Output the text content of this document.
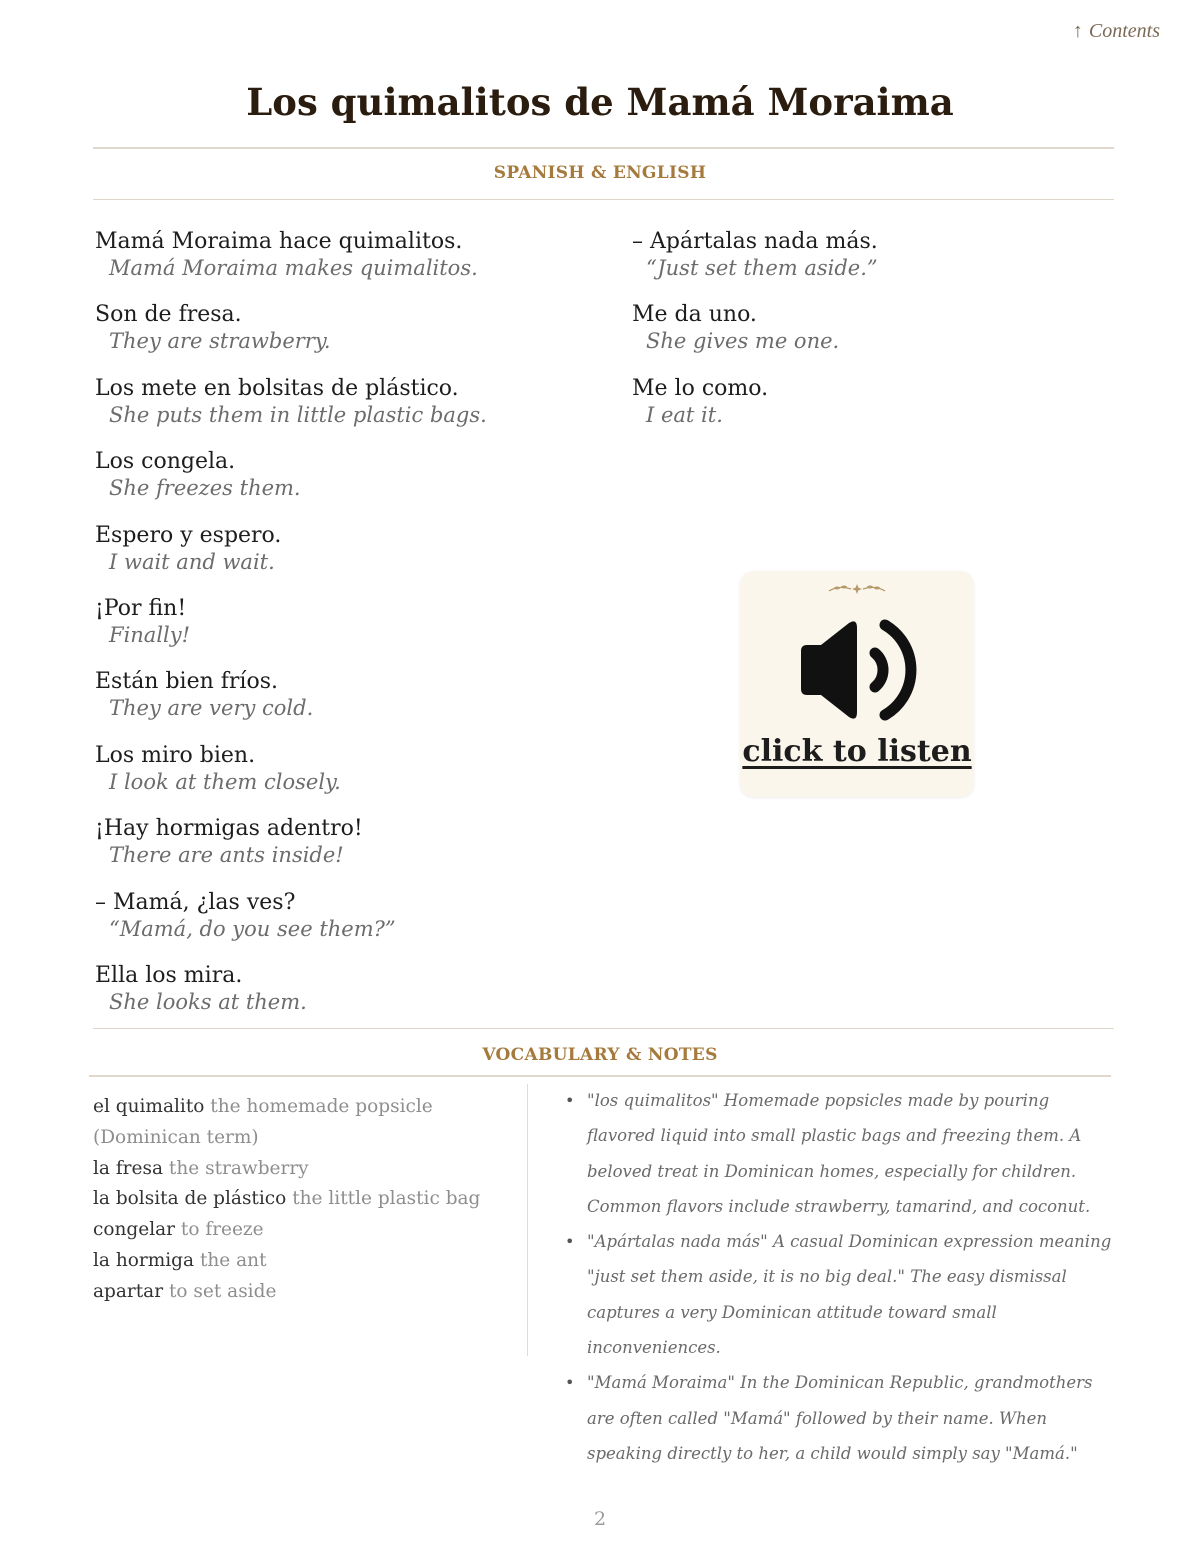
↑ Contents
Los quimalitos de Mamá Moraima
SPANISH & ENGLISH
Mamá Moraima hace quimalitos.
Mamá Moraima makes quimalitos.
Son de fresa.
They are strawberry.
Los mete en bolsitas de plástico.
She puts them in little plastic bags.
Los congela.
She freezes them.
Espero y espero.
I wait and wait.
¡Por fin!
Finally!
Están bien fríos.
They are very cold.
Los miro bien.
I look at them closely.
¡Hay hormigas adentro!
There are ants inside!
– Mamá, ¿las ves?
“Mamá, do you see them?”
Ella los mira.
She looks at them.
– Apártalas nada más.
“Just set them aside.”
Me da uno.
She gives me one.
Me lo como.
I eat it.
click to listen
VOCABULARY & NOTES
el quimalito the homemade popsicle (Dominican term)
la fresa the strawberry
la bolsita de plástico the little plastic bag
congelar to freeze
la hormiga the ant
apartar to set aside
• "los quimalitos" Homemade popsicles made by pouring flavored liquid into small plastic bags and freezing them. A beloved treat in Dominican homes, especially for children. Common flavors include strawberry, tamarind, and coconut.
• "Apártalas nada más" A casual Dominican expression meaning "just set them aside, it is no big deal." The easy dismissal captures a very Dominican attitude toward small inconveniences.
• "Mamá Moraima" In the Dominican Republic, grandmothers are often called "Mamá" followed by their name. When speaking directly to her, a child would simply say "Mamá."
2
